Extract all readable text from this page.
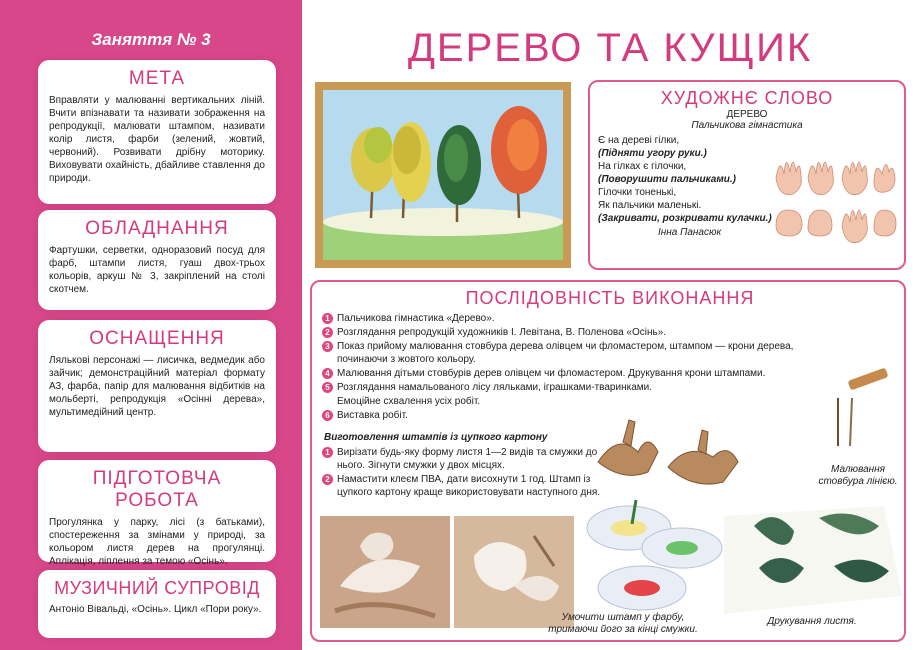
Заняття № 3
МЕТА
Вправляти у малюванні вертикальних ліній. Вчити впізнавати та називати зображення на репродукції, малювати штампом, називати колір листя, фарби (зелений, жовтий, червоний). Розвивати дрібну моторику. Виховувати охайність, дбайливе ставлення до природи.
ОБЛАДНАННЯ
Фартушки, серветки, одноразовий посуд для фарб, штампи листя, гуаш двох-трьох кольорів, аркуш № 3, закріплений на столі скотчем.
ОСНАЩЕННЯ
Лялькові персонажі — лисичка, ведмедик або зайчик; демонстраційний матеріал формату А3, фарба, папір для малювання відбитків на мольберті, репродукція «Осінні дерева», мультимедійний центр.
ПІДГОТОВЧА РОБОТА
Прогулянка у парку, лісі (з батьками), спостереження за змінами у природі, за кольором листя дерев на прогулянці. Аплікація, ліплення за темою «Осінь».
МУЗИЧНИЙ СУПРОВІД
Антоніо Вівальді, «Осінь». Цикл «Пори року».
ДЕРЕВО ТА КУЩИК
ХУДОЖНЄ СЛОВО
ДЕРЕВО
Пальчикова гімнастика
Є на дереві гілки,
(Підняти угору руки.)
На гілках є гілочки,
(Поворушити пальчиками.)
Гілочки тоненькі,
Як пальчики маленькі.
(Закривати, розкривати кулачки.)
Інна Панасюк
ПОСЛІДОВНІСТЬ ВИКОНАННЯ
1 Пальчикова гімнастика «Дерево».
2 Розглядання репродукцій художників І. Левітана, В. Поленова «Осінь».
3 Показ прийому малювання стовбура дерева олівцем чи фломастером, штампом — крони дерева, починаючи з жовтого кольору.
4 Малювання дітьми стовбурів дерев олівцем чи фломастером. Друкування крони штампами.
5 Розглядання намальованого лісу ляльками, іграшками-тваринками.
Емоційне схвалення усіх робіт.
6 Виставка робіт.
Виготовлення штампів із цупкого картону
1 Вирізати будь-яку форму листя 1—2 видів та смужки до нього. Зігнути смужки у двох місцях.
2 Намастити клеєм ПВА, дати висохнути 1 год. Штамп із цупкого картону краще використовувати наступного дня.
Малювання стовбура лінією.
Умочити штамп у фарбу, тримаючи його за кінці смужки.
Друкування листя.
